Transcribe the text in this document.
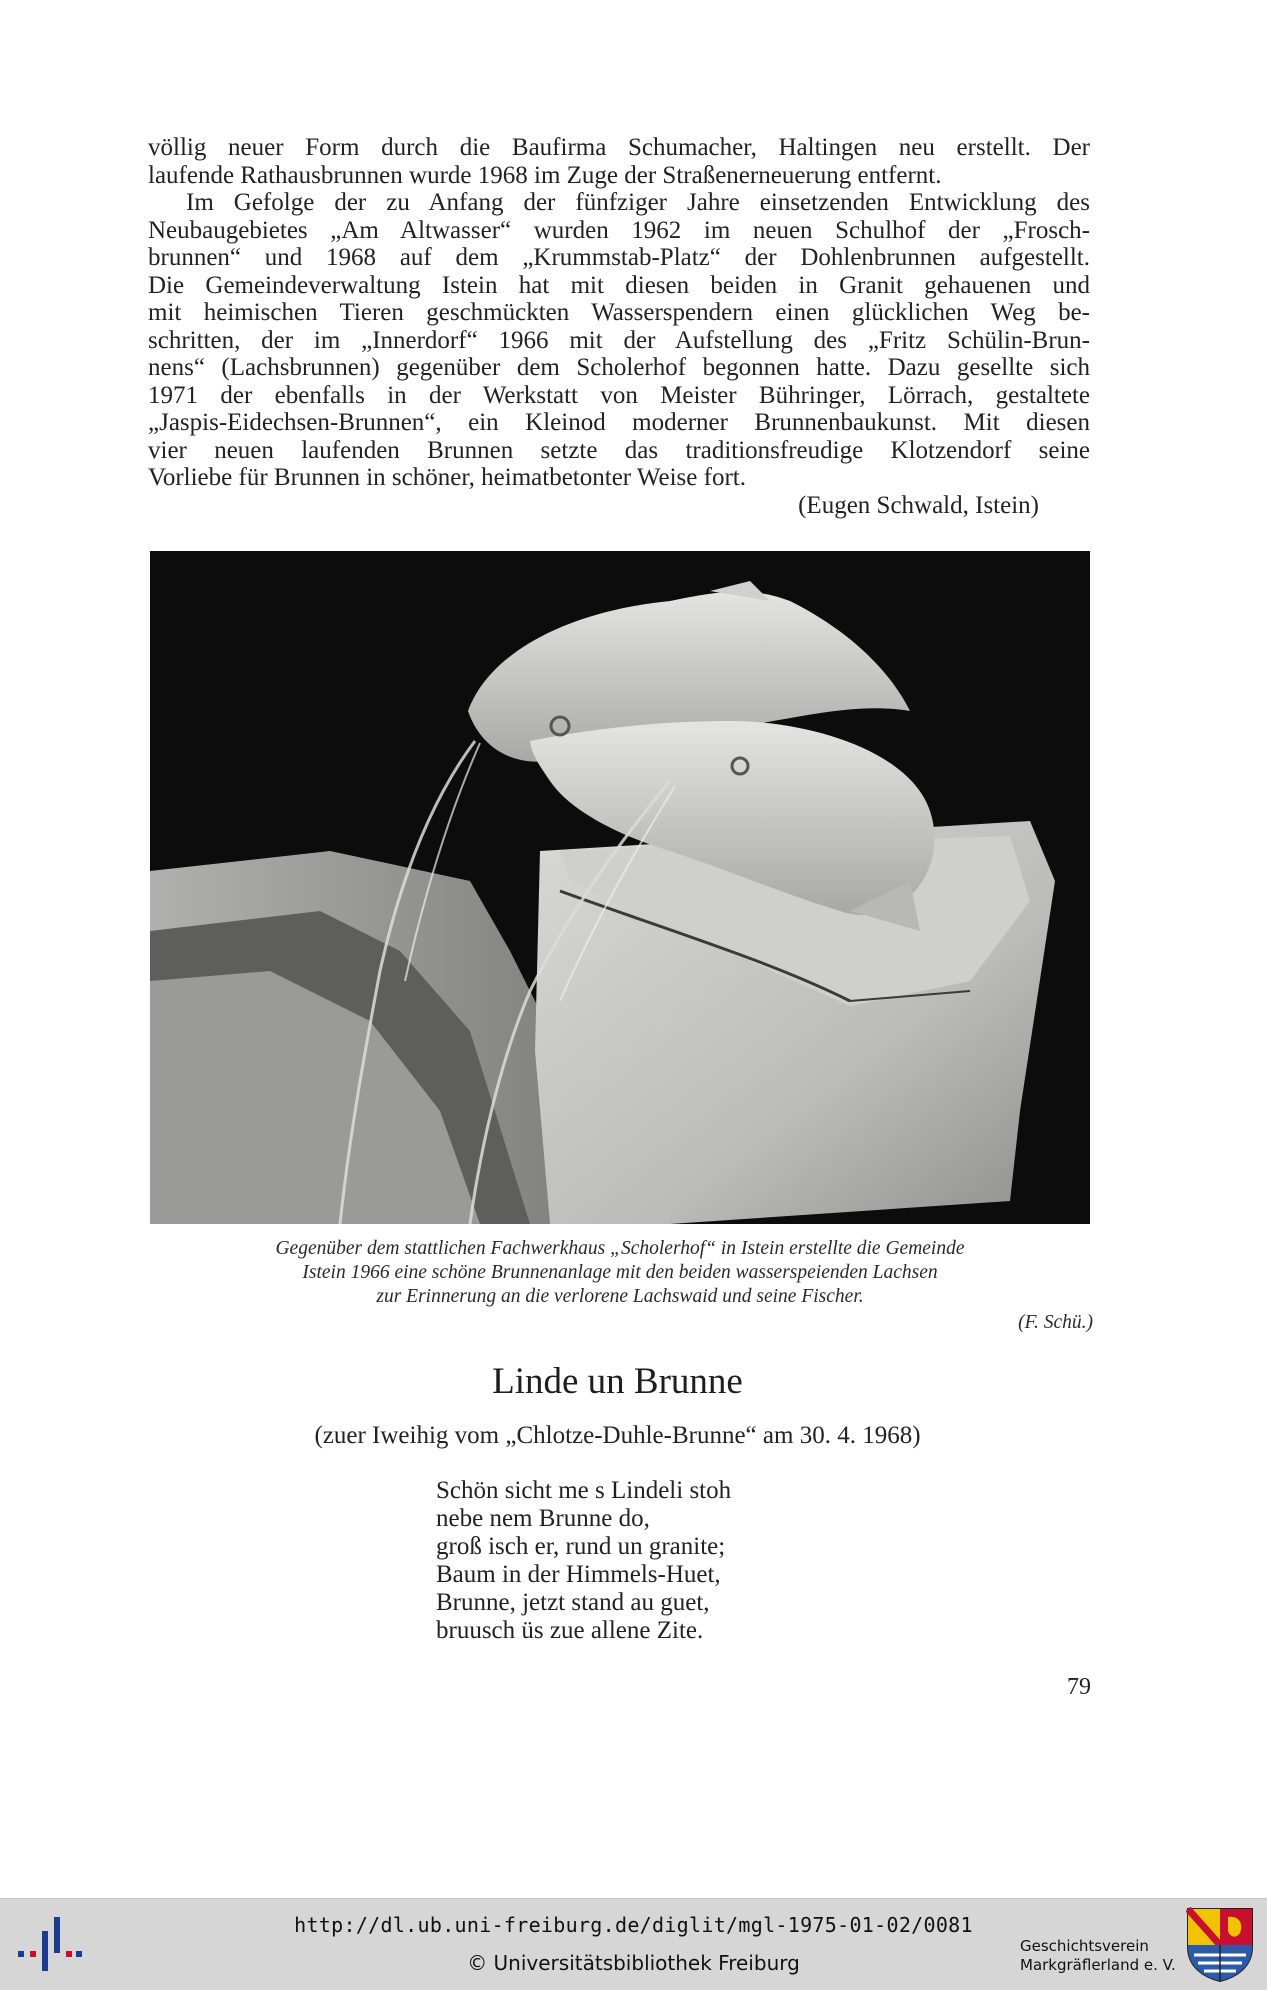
völlig neuer Form durch die Baufirma Schumacher, Haltingen neu erstellt. Der
laufende Rathausbrunnen wurde 1968 im Zuge der Straßenerneuerung entfernt.
Im Gefolge der zu Anfang der fünfziger Jahre einsetzenden Entwicklung des
Neubaugebietes „Am Altwasser“ wurden 1962 im neuen Schulhof der „Frosch-
brunnen“ und 1968 auf dem „Krummstab-Platz“ der Dohlenbrunnen aufgestellt.
Die Gemeindeverwaltung Istein hat mit diesen beiden in Granit gehauenen und
mit heimischen Tieren geschmückten Wasserspendern einen glücklichen Weg be-
schritten, der im „Innerdorf“ 1966 mit der Aufstellung des „Fritz Schülin-Brun-
nens“ (Lachsbrunnen) gegenüber dem Scholerhof begonnen hatte. Dazu gesellte sich
1971 der ebenfalls in der Werkstatt von Meister Bühringer, Lörrach, gestaltete
„Jaspis-Eidechsen-Brunnen“, ein Kleinod moderner Brunnenbaukunst. Mit diesen
vier neuen laufenden Brunnen setzte das traditionsfreudige Klotzendorf seine
Vorliebe für Brunnen in schöner, heimatbetonter Weise fort.
(Eugen Schwald, Istein)
Gegenüber dem stattlichen Fachwerkhaus „Scholerhof“ in Istein erstellte die Gemeinde
Istein 1966 eine schöne Brunnenanlage mit den beiden wasserspeienden Lachsen
zur Erinnerung an die verlorene Lachswaid und seine Fischer.
(F. Schü.)
Linde un Brunne
(zuer Iweihig vom „Chlotze-Duhle-Brunne“ am 30. 4. 1968)
Schön sicht me s Lindeli stoh
nebe nem Brunne do,
groß isch er, rund un granite;
Baum in der Himmels-Huet,
Brunne, jetzt stand au guet,
bruusch üs zue allene Zite.
79
http://dl.ub.uni-freiburg.de/diglit/mgl-1975-01-02/0081
© Universitätsbibliothek Freiburg
Geschichtsverein
Markgräflerland e. V.
